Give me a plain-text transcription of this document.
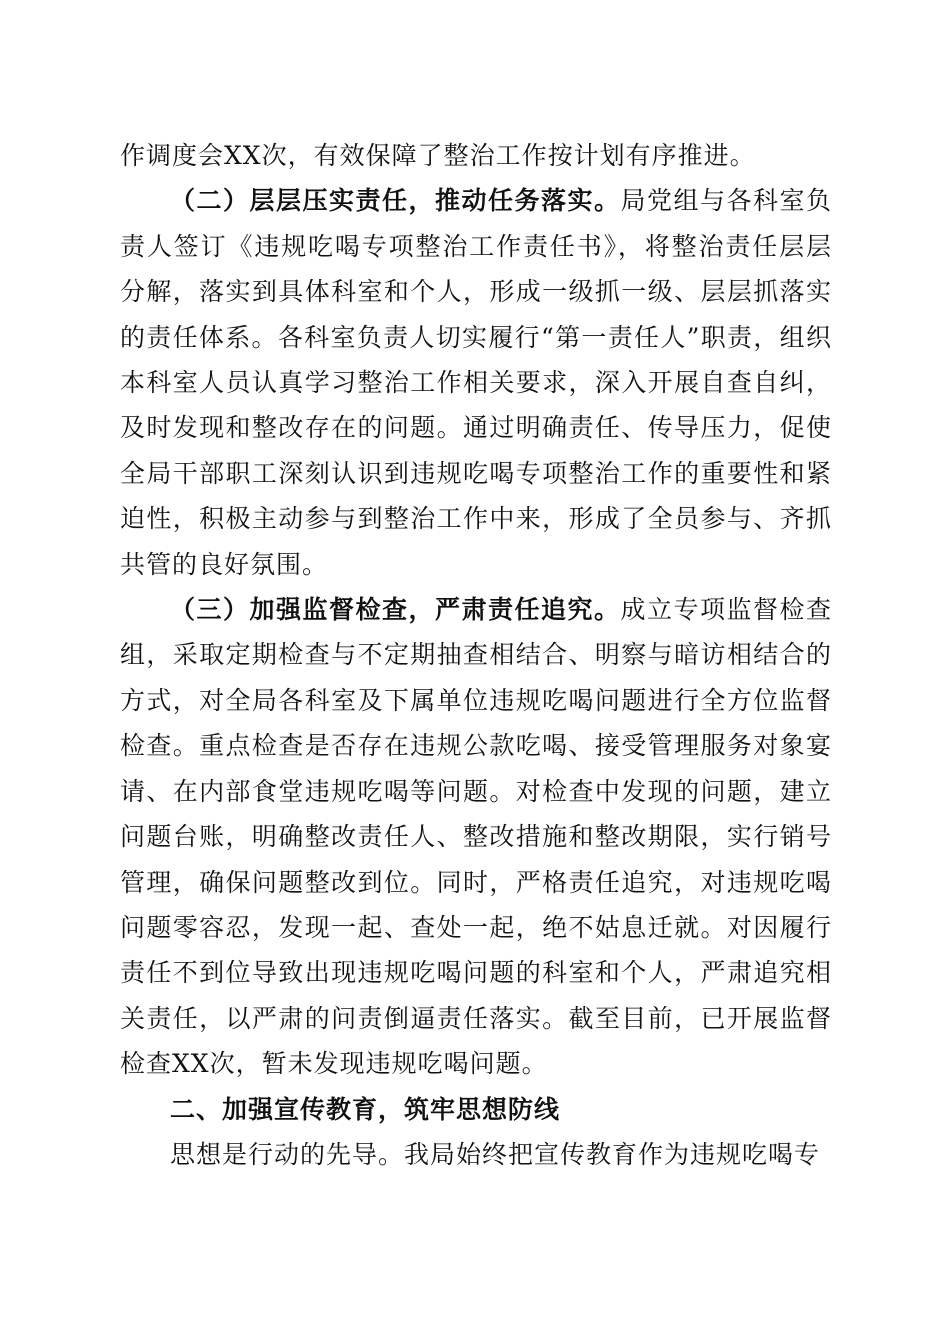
作调度会XX次，有效保障了整治工作按计划有序推进。

（二）层层压实责任，推动任务落实。局党组与各科室负责人签订《违规吃喝专项整治工作责任书》，将整治责任层层分解，落实到具体科室和个人，形成一级抓一级、层层抓落实的责任体系。各科室负责人切实履行“第一责任人”职责，组织本科室人员认真学习整治工作相关要求，深入开展自查自纠，及时发现和整改存在的问题。通过明确责任、传导压力，促使全局干部职工深刻认识到违规吃喝专项整治工作的重要性和紧迫性，积极主动参与到整治工作中来，形成了全员参与、齐抓共管的良好氛围。

（三）加强监督检查，严肃责任追究。成立专项监督检查组，采取定期检查与不定期抽查相结合、明察与暗访相结合的方式，对全局各科室及下属单位违规吃喝问题进行全方位监督检查。重点检查是否存在违规公款吃喝、接受管理服务对象宴请、在内部食堂违规吃喝等问题。对检查中发现的问题，建立问题台账，明确整改责任人、整改措施和整改期限，实行销号管理，确保问题整改到位。同时，严格责任追究，对违规吃喝问题零容忍，发现一起、查处一起，绝不姑息迁就。对因履行责任不到位导致出现违规吃喝问题的科室和个人，严肃追究相关责任，以严肃的问责倒逼责任落实。截至目前，已开展监督检查XX次，暂未发现违规吃喝问题。

二、加强宣传教育，筑牢思想防线

思想是行动的先导。我局始终把宣传教育作为违规吃喝专
